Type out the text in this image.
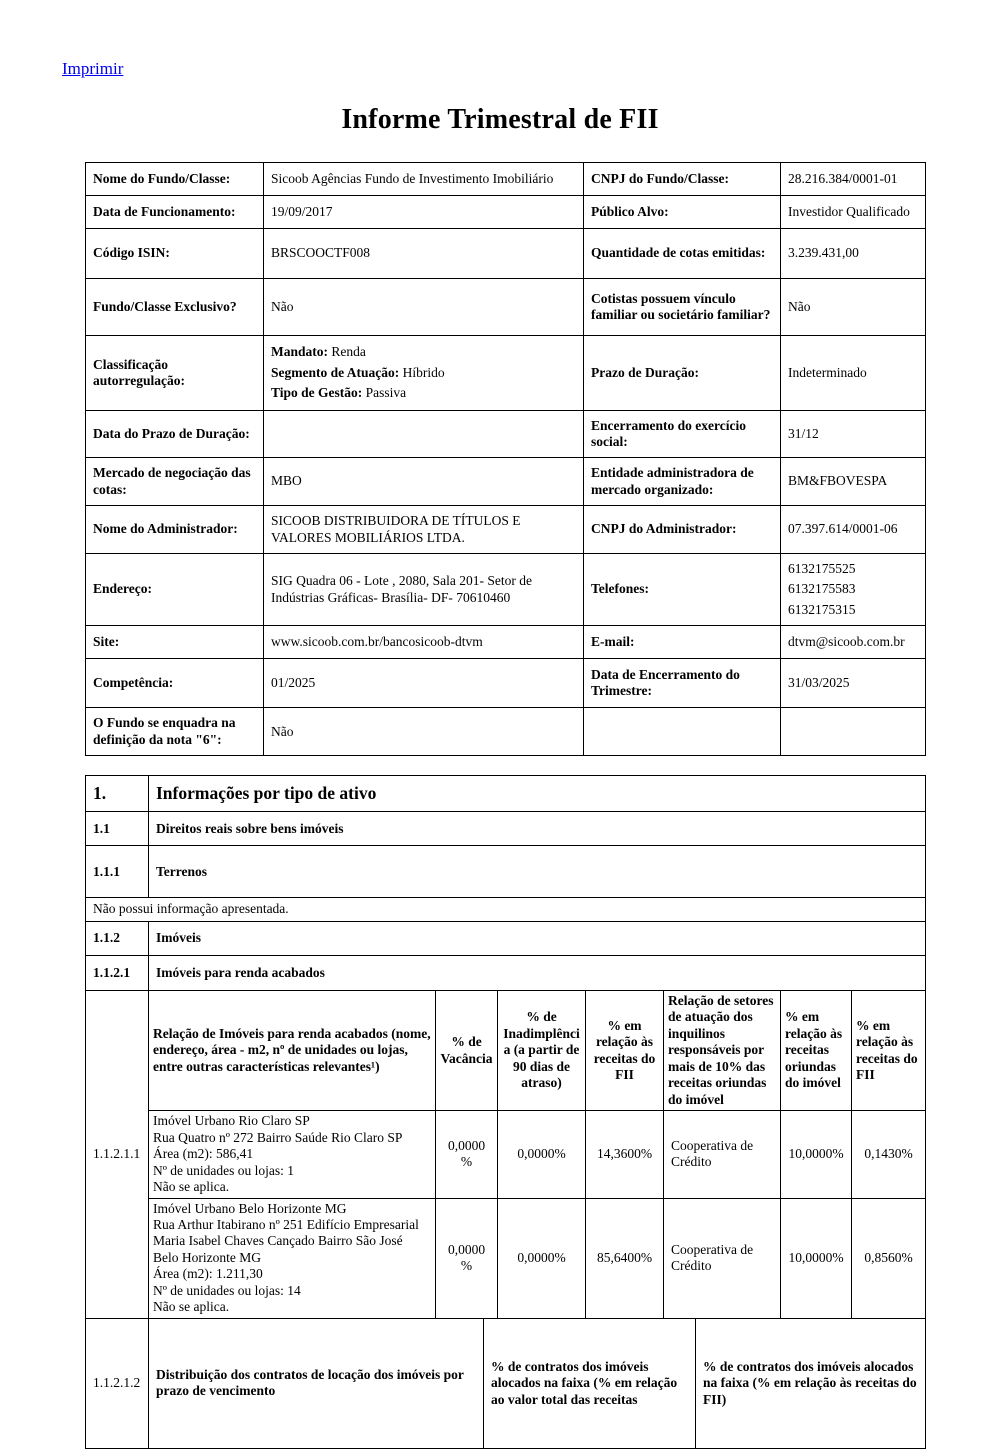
Imprimir
Informe Trimestral de FII
Nome do Fundo/Classe:	Sicoob Agências Fundo de Investimento Imobiliário	CNPJ do Fundo/Classe:	28.216.384/0001-01
Data de Funcionamento:	19/09/2017	Público Alvo:	Investidor Qualificado
Código ISIN:	BRSCOOCTF008	Quantidade de cotas emitidas:	3.239.431,00
Fundo/Classe Exclusivo?	Não	Cotistas possuem vínculo familiar ou societário familiar?	Não
Classificação autorregulação:	Mandato: Renda
Segmento de Atuação: Híbrido
Tipo de Gestão: Passiva	Prazo de Duração:	Indeterminado
Data do Prazo de Duração:		Encerramento do exercício social:	31/12
Mercado de negociação das cotas:	MBO	Entidade administradora de mercado organizado:	BM&FBOVESPA
Nome do Administrador:	SICOOB DISTRIBUIDORA DE TÍTULOS E VALORES MOBILIÁRIOS LTDA.	CNPJ do Administrador:	07.397.614/0001-06
Endereço:	SIG Quadra 06 - Lote , 2080, Sala 201- Setor de Indústrias Gráficas- Brasília- DF- 70610460	Telefones:	6132175525
6132175583
6132175315

Site:	www.sicoob.com.br/bancosicoob-dtvm	E-mail:	dtvm@sicoob.com.br
Competência:	01/2025	Data de Encerramento do Trimestre:	31/03/2025
O Fundo se enquadra na definição da nota "6":	Não		
1.	Informações por tipo de ativo
1.1	Direitos reais sobre bens imóveis
1.1.1	Terrenos
Não possui informação apresentada.	
1.1.2	Imóveis
1.1.2.1	Imóveis para renda acabados
1.1.2.1.1	Relação de Imóveis para renda acabados (nome, endereço, área - m2, nº de unidades ou lojas, entre outras características relevantes¹)	% de Vacância	% de Inadimplência (a partir de 90 dias de atraso)	% em relação às receitas do FII	Relação de setores de atuação dos inquilinos responsáveis por mais de 10% das receitas oriundas do imóvel	% em relação às receitas oriundas do imóvel	% em relação às receitas do FII

	Imóvel Urbano Rio Claro SP
Rua Quatro nº 272 Bairro Saúde Rio Claro SP
Área (m2): 586,41
Nº de unidades ou lojas: 1
Não se aplica.	0,0000%	0,0000%	14,3600%	Cooperativa de Crédito	10,0000%	0,1430%

	Imóvel Urbano Belo Horizonte MG
Rua Arthur Itabirano nº 251 Edifício Empresarial Maria Isabel Chaves Cançado Bairro São José Belo Horizonte MG
Área (m2): 1.211,30
Nº de unidades ou lojas: 14
Não se aplica.	0,0000%	0,0000%	85,6400%	Cooperativa de Crédito	10,0000%	0,8560%
1.1.2.1.2	Distribuição dos contratos de locação dos imóveis por prazo de vencimento	% de contratos dos imóveis alocados na faixa (% em relação ao valor total das receitas	% de contratos dos imóveis alocados na faixa (% em relação às receitas do FII)
